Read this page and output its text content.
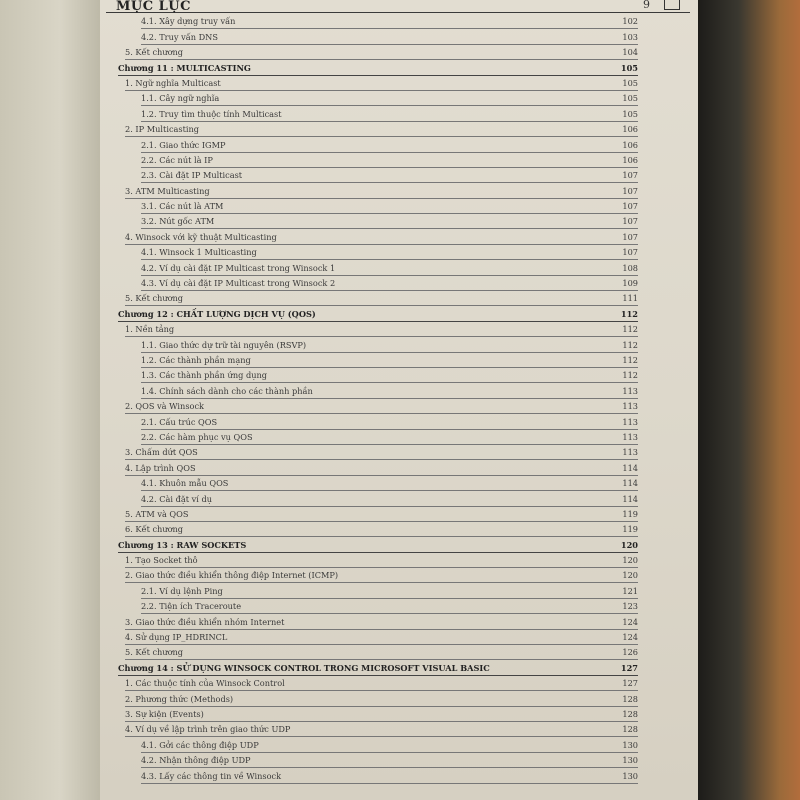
MỤC LỤC	9
4.1. Xây dựng truy vấn	102
4.2. Truy vấn DNS	103
5. Kết chương	104
Chương 11 : MULTICASTING	105
1. Ngữ nghĩa Multicast	105
1.1. Cây ngữ nghĩa	105
1.2. Truy tìm thuộc tính Multicast	105
2. IP Multicasting	106
2.1. Giao thức IGMP	106
2.2. Các nút là IP	106
2.3. Cài đặt IP Multicast	107
3. ATM Multicasting	107
3.1. Các nút là ATM	107
3.2. Nút gốc ATM	107
4. Winsock với kỹ thuật Multicasting	107
4.1. Winsock 1 Multicasting	107
4.2. Ví dụ cài đặt IP Multicast trong Winsock 1	108
4.3. Ví dụ cài đặt IP Multicast trong Winsock 2	109
5. Kết chương	111
Chương 12 : CHẤT LƯỢNG DỊCH VỤ (QOS)	112
1. Nền tảng	112
1.1. Giao thức dự trữ tài nguyên (RSVP)	112
1.2. Các thành phần mạng	112
1.3. Các thành phần ứng dụng	112
1.4. Chính sách dành cho các thành phần	113
2. QOS và Winsock	113
2.1. Cấu trúc QOS	113
2.2. Các hàm phục vụ QOS	113
3. Chấm dứt QOS	113
4. Lập trình QOS	114
4.1. Khuôn mẫu QOS	114
4.2. Cài đặt ví dụ	114
5. ATM và QOS	119
6. Kết chương	119
Chương 13 : RAW SOCKETS	120
1. Tạo Socket thô	120
2. Giao thức điều khiển thông điệp Internet (ICMP)	120
2.1. Ví dụ lệnh Ping	121
2.2. Tiện ích Traceroute	123
3. Giao thức điều khiển nhóm Internet	124
4. Sử dụng IP_HDRINCL	124
5. Kết chương	126
Chương 14 : SỬ DỤNG WINSOCK CONTROL TRONG MICROSOFT VISUAL BASIC	127
1. Các thuộc tính của Winsock Control	127
2. Phương thức (Methods)	128
3. Sự kiện (Events)	128
4. Ví dụ về lập trình trên giao thức UDP	128
4.1. Gởi các thông điệp UDP	130
4.2. Nhận thông điệp UDP	130
4.3. Lấy các thông tin về Winsock	130
